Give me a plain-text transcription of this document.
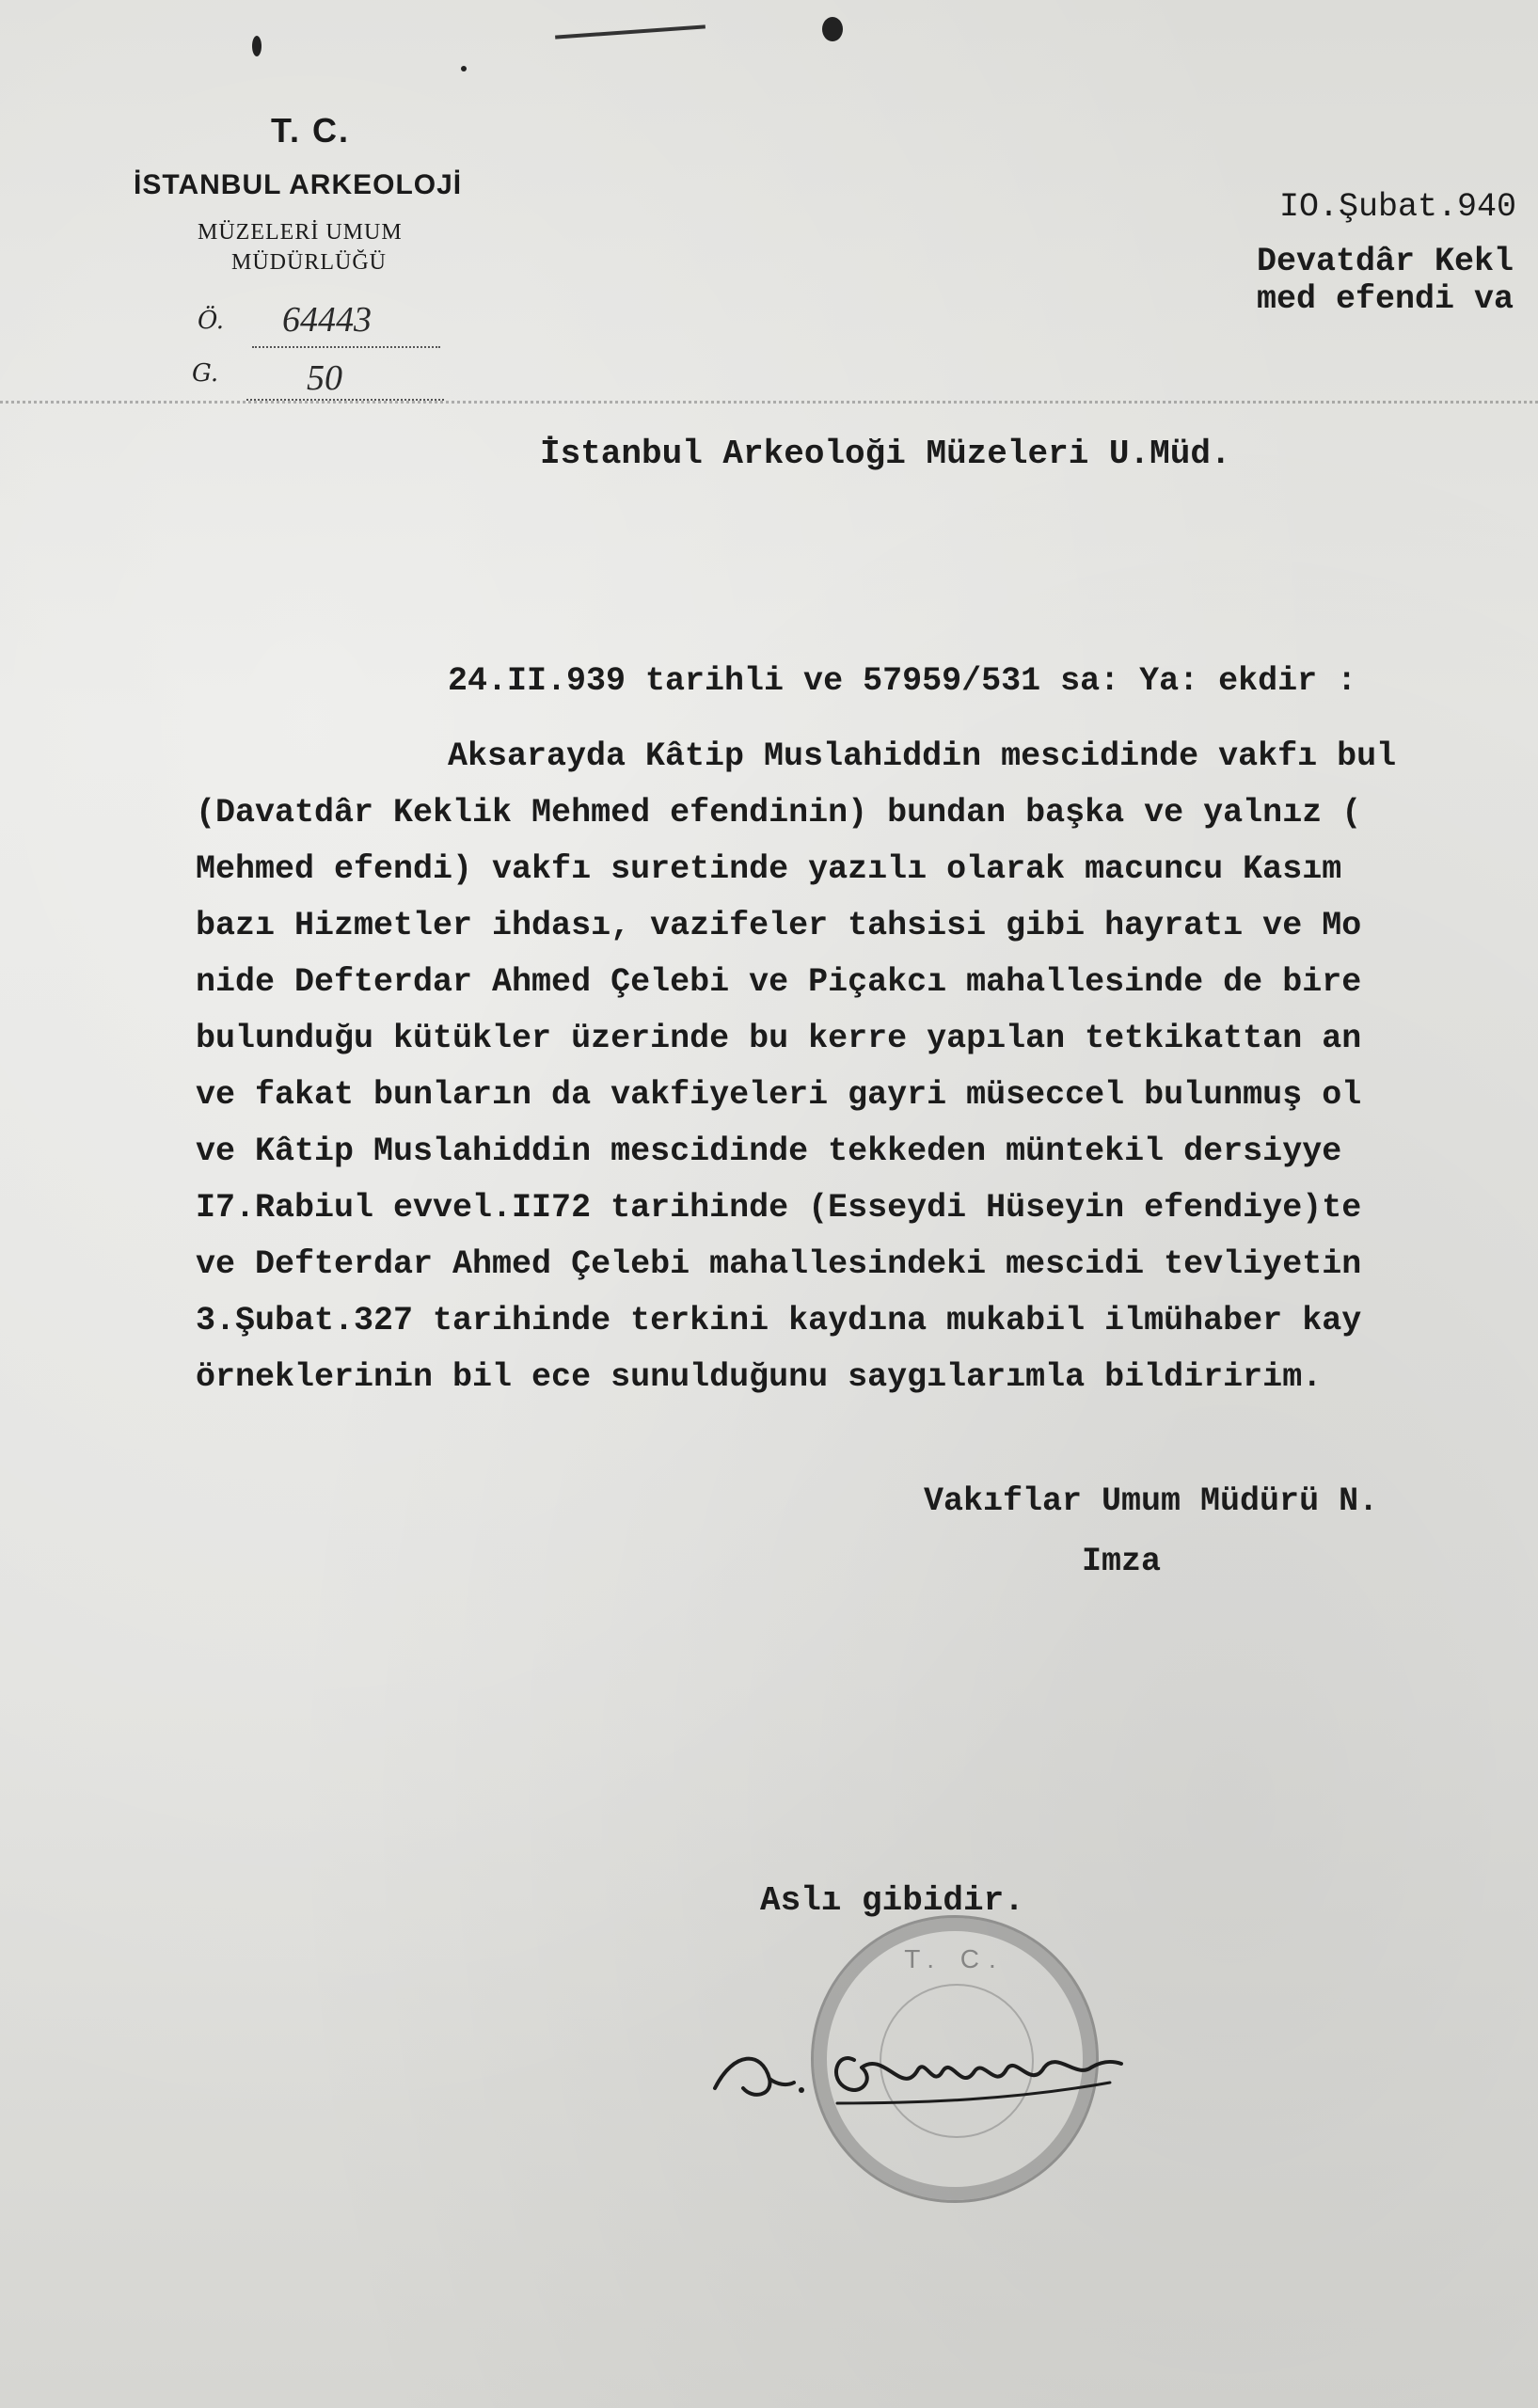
T. C.
İSTANBUL ARKEOLOJİ
MÜZELERİ UMUM
MÜDÜRLÜĞÜ
Ö. 64443
G. 50
IO.Şubat.940
Devatdâr Kekl
med efendi va
İstanbul Arkeoloği Müzeleri U.Müd.
24.II.939 tarihli ve 57959/531 sa: Ya: ekdir :
Aksarayda Kâtip Muslahiddin mescidinde vakfı bul
(Davatdâr Keklik Mehmed efendinin) bundan başka ve yalnız (
Mehmed efendi) vakfı suretinde yazılı olarak macuncu Kasım
bazı Hizmetler ihdası, vazifeler tahsisi gibi hayratı ve Mo
nide Defterdar Ahmed Çelebi ve Piçakcı mahallesinde de bire
bulunduğu kütükler üzerinde bu kerre yapılan tetkikattan an
ve fakat bunların da vakfiyeleri gayri müseccel bulunmuş ol
ve Kâtip Muslahiddin mescidinde tekkeden müntekil dersiyye
I7.Rabiul evvel.II72 tarihinde (Esseydi Hüseyin efendiye)te
ve Defterdar Ahmed Çelebi mahallesindeki mescidi tevliyetin
3.Şubat.327 tarihinde terkini kaydına mukabil ilmühaber kay
örneklerinin bil ece sunulduğunu saygılarımla bildiririm.
Vakıflar Umum Müdürü N.
Imza
Aslı gibidir.
T. C.
